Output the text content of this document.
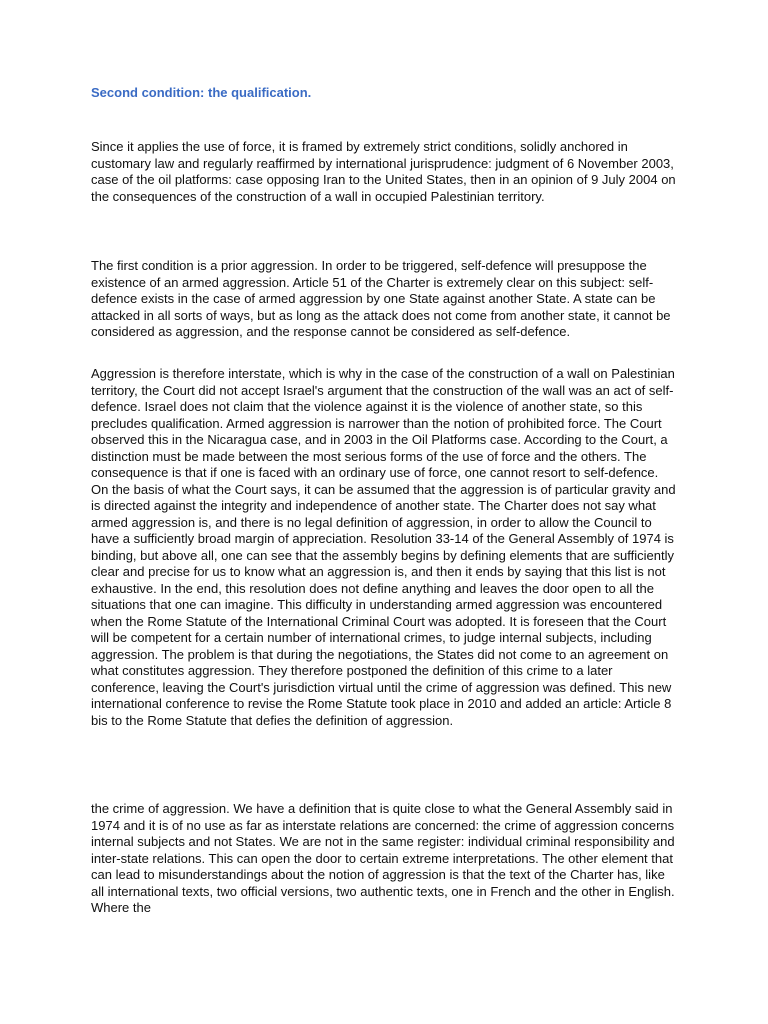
Second condition: the qualification.

Since it applies the use of force, it is framed by extremely strict conditions, solidly anchored in customary law and regularly reaffirmed by international jurisprudence: judgment of 6 November 2003, case of the oil platforms: case opposing Iran to the United States, then in an opinion of 9 July 2004 on the consequences of the construction of a wall in occupied Palestinian territory.

The first condition is a prior aggression. In order to be triggered, self-defence will presuppose the existence of an armed aggression. Article 51 of the Charter is extremely clear on this subject: self-defence exists in the case of armed aggression by one State against another State. A state can be attacked in all sorts of ways, but as long as the attack does not come from another state, it cannot be considered as aggression, and the response cannot be considered as self-defence.

Aggression is therefore interstate, which is why in the case of the construction of a wall on Palestinian territory, the Court did not accept Israel's argument that the construction of the wall was an act of self-defence. Israel does not claim that the violence against it is the violence of another state, so this precludes qualification. Armed aggression is narrower than the notion of prohibited force. The Court observed this in the Nicaragua case, and in 2003 in the Oil Platforms case. According to the Court, a distinction must be made between the most serious forms of the use of force and the others. The consequence is that if one is faced with an ordinary use of force, one cannot resort to self-defence. On the basis of what the Court says, it can be assumed that the aggression is of particular gravity and is directed against the integrity and independence of another state. The Charter does not say what armed aggression is, and there is no legal definition of aggression, in order to allow the Council to have a sufficiently broad margin of appreciation. Resolution 33-14 of the General Assembly of 1974 is binding, but above all, one can see that the assembly begins by defining elements that are sufficiently clear and precise for us to know what an aggression is, and then it ends by saying that this list is not exhaustive. In the end, this resolution does not define anything and leaves the door open to all the situations that one can imagine. This difficulty in understanding armed aggression was encountered when the Rome Statute of the International Criminal Court was adopted. It is foreseen that the Court will be competent for a certain number of international crimes, to judge internal subjects, including aggression. The problem is that during the negotiations, the States did not come to an agreement on what constitutes aggression. They therefore postponed the definition of this crime to a later conference, leaving the Court's jurisdiction virtual until the crime of aggression was defined. This new international conference to revise the Rome Statute took place in 2010 and added an article: Article 8 bis to the Rome Statute that defies the definition of aggression.

the crime of aggression. We have a definition that is quite close to what the General Assembly said in 1974 and it is of no use as far as interstate relations are concerned: the crime of aggression concerns internal subjects and not States. We are not in the same register: individual criminal responsibility and inter-state relations. This can open the door to certain extreme interpretations. The other element that can lead to misunderstandings about the notion of aggression is that the text of the Charter has, like all international texts, two official versions, two authentic texts, one in French and the other in English. Where the
